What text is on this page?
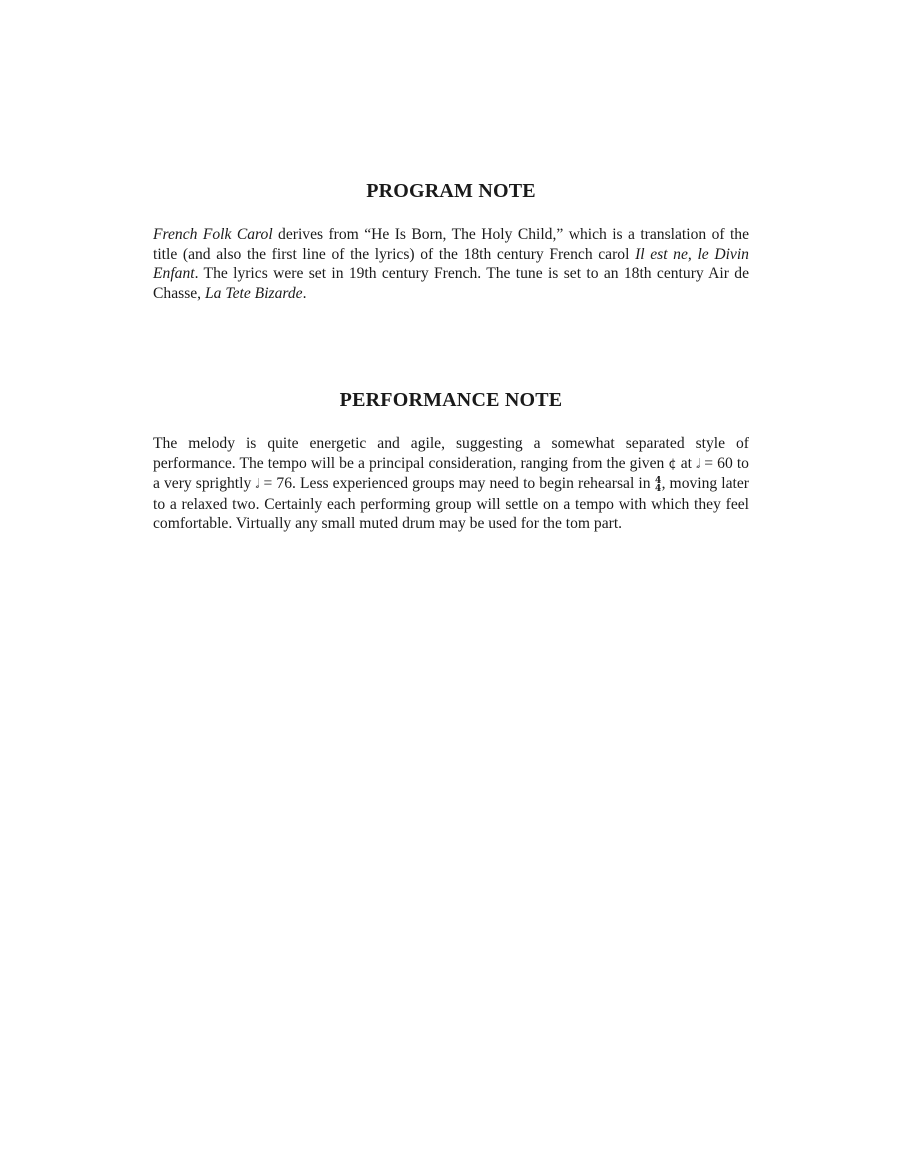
PROGRAM NOTE

French Folk Carol derives from “He Is Born, The Holy Child,” which is a translation of the title (and also the first line of the lyrics) of the 18th century French carol Il est ne, le Divin Enfant. The lyrics were set in 19th century French. The tune is set to an 18th century Air de Chasse, La Tete Bizarde.

PERFORMANCE NOTE

The melody is quite energetic and agile, suggesting a somewhat separated style of performance. The tempo will be a principal consideration, ranging from the given ¢ at 𝅗𝅥 = 60 to a very sprightly 𝅗𝅥 = 76. Less experienced groups may need to begin rehearsal in 4
4 , moving later to a relaxed two. Certainly each performing group will settle on a tempo with which they feel comfortable. Virtually any small muted drum may be used for the tom part.
